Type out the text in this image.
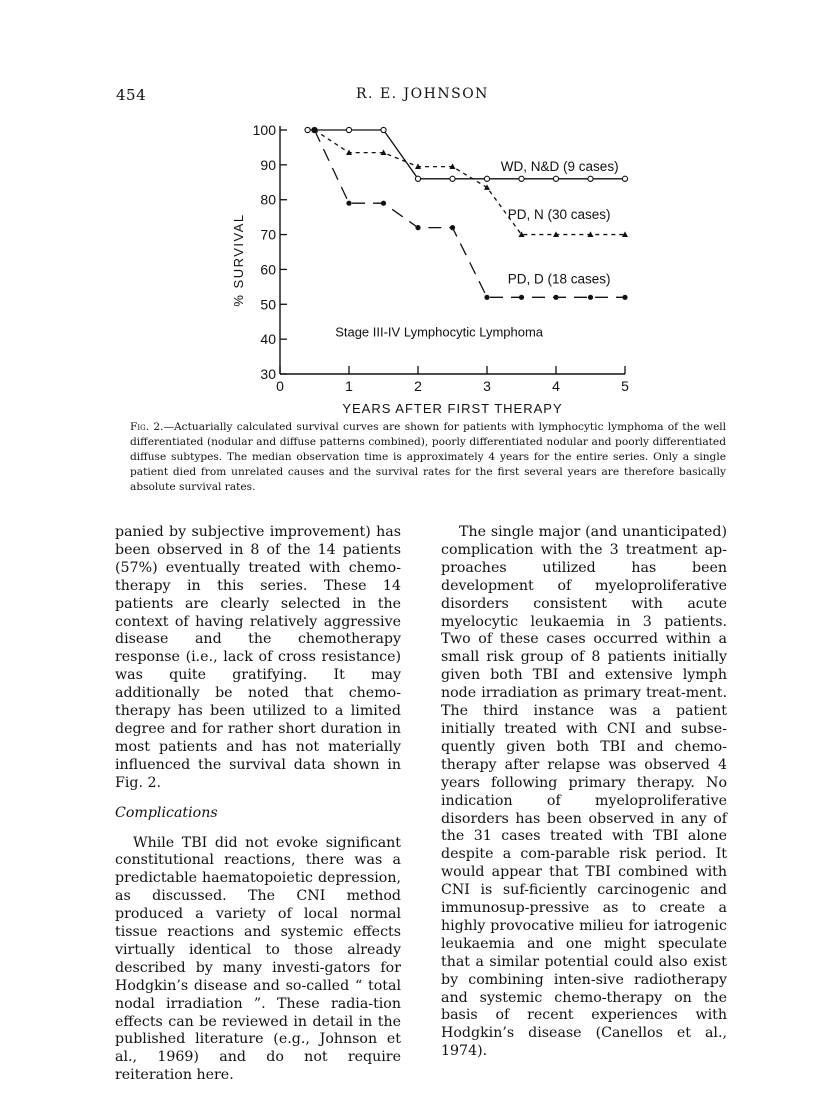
454	R. E. JOHNSON
30
40
50
60
70
80
90
100
0	1	2	3	4	5
YEARS AFTER FIRST THERAPY
% SURVIVAL
WD, N&D (9 cases)
PD, N (30 cases)
PD, D (18 cases)
Stage III-IV Lymphocytic Lymphoma
Fig. 2.—Actuarially calculated survival curves are shown for patients with lymphocytic lymphoma of the well differentiated (nodular and diffuse patterns combined), poorly differentiated nodular and poorly differentiated diffuse subtypes. The median observation time is approximately 4 years for the entire series. Only a single patient died from unrelated causes and the survival rates for the first several years are therefore basically absolute survival rates.

panied by subjective improvement) has been observed in 8 of the 14 patients (57%) eventually treated with chemo-therapy in this series. These 14 patients are clearly selected in the context of having relatively aggressive disease and the chemotherapy response (i.e., lack of cross resistance) was quite gratifying. It may additionally be noted that chemo-therapy has been utilized to a limited degree and for rather short duration in most patients and has not materially influenced the survival data shown in Fig. 2.

Complications

While TBI did not evoke significant constitutional reactions, there was a predictable haematopoietic depression, as discussed. The CNI method produced a variety of local normal tissue reactions and systemic effects virtually identical to those already described by many investi-gators for Hodgkin’s disease and so-called “ total nodal irradiation ”. These radia-tion effects can be reviewed in detail in the published literature (e.g., Johnson et al., 1969) and do not require reiteration here.

The single major (and unanticipated) complication with the 3 treatment ap-proaches utilized has been development of myeloproliferative disorders consistent with acute myelocytic leukaemia in 3 patients. Two of these cases occurred within a small risk group of 8 patients initially given both TBI and extensive lymph node irradiation as primary treat-ment. The third instance was a patient initially treated with CNI and subse-quently given both TBI and chemo-therapy after relapse was observed 4 years following primary therapy. No indication of myeloproliferative disorders has been observed in any of the 31 cases treated with TBI alone despite a com-parable risk period. It would appear that TBI combined with CNI is suf-ficiently carcinogenic and immunosup-pressive as to create a highly provocative milieu for iatrogenic leukaemia and one might speculate that a similar potential could also exist by combining inten-sive radiotherapy and systemic chemo-therapy on the basis of recent experiences with Hodgkin’s disease (Canellos et al., 1974).
